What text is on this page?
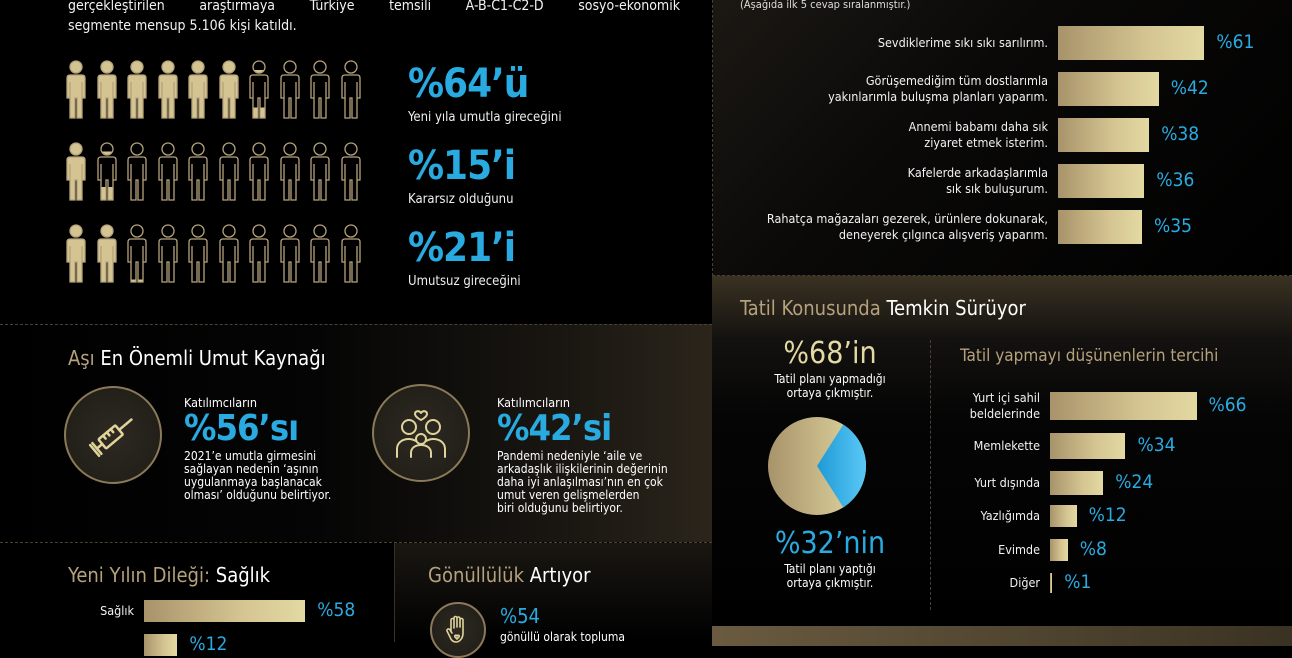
gerçekleştirilen araştırmaya Türkiye temsili A-B-C1-C2-D sosyo-ekonomik
segmente mensup 5.106 kişi katıldı.
%64’ü
Yeni yıla umutla gireceğini
%15’i
Kararsız olduğunu
%21’i
Umutsuz gireceğini
Aşı En Önemli Umut Kaynağı
Katılımcıların
%56’sı
2021’e umutla girmesini
sağlayan nedenin ‘aşının
uygulanmaya başlanacak
olması’ olduğunu belirtiyor.
Katılımcıların
%42’si
Pandemi nedeniyle ‘aile ve
arkadaşlık ilişkilerinin değerinin
daha iyi anlaşılması’nın en çok
umut veren gelişmelerden
biri olduğunu belirtiyor.
(Aşağıda ilk 5 cevap sıralanmıştır.)
Sevdiklerime sıkı sıkı sarılırım.	%61
Görüşemediğim tüm dostlarımla
yakınlarımla buluşma planları yaparım.	%42
Annemi babamı daha sık
ziyaret etmek isterim.	%38
Kafelerde arkadaşlarımla
sık sık buluşurum.	%36
Rahatça mağazaları gezerek, ürünlere dokunarak,
deneyerek çılgınca alışveriş yaparım.	%35
Tatil Konusunda Temkin Sürüyor
%68’in
Tatil planı yapmadığı
ortaya çıkmıştır.
%32’nin
Tatil planı yaptığı
ortaya çıkmıştır.
Tatil yapmayı düşünenlerin tercihi
Yurt içi sahil
beldelerinde	%66
Memlekette	%34
Yurt dışında	%24
Yazlığımda	%12
Evimde %8
Diğer %1
Yeni Yılın Dileği: Sağlık
Sağlık	%58
%12
Gönüllülük Artıyor
%54
gönüllü olarak topluma
